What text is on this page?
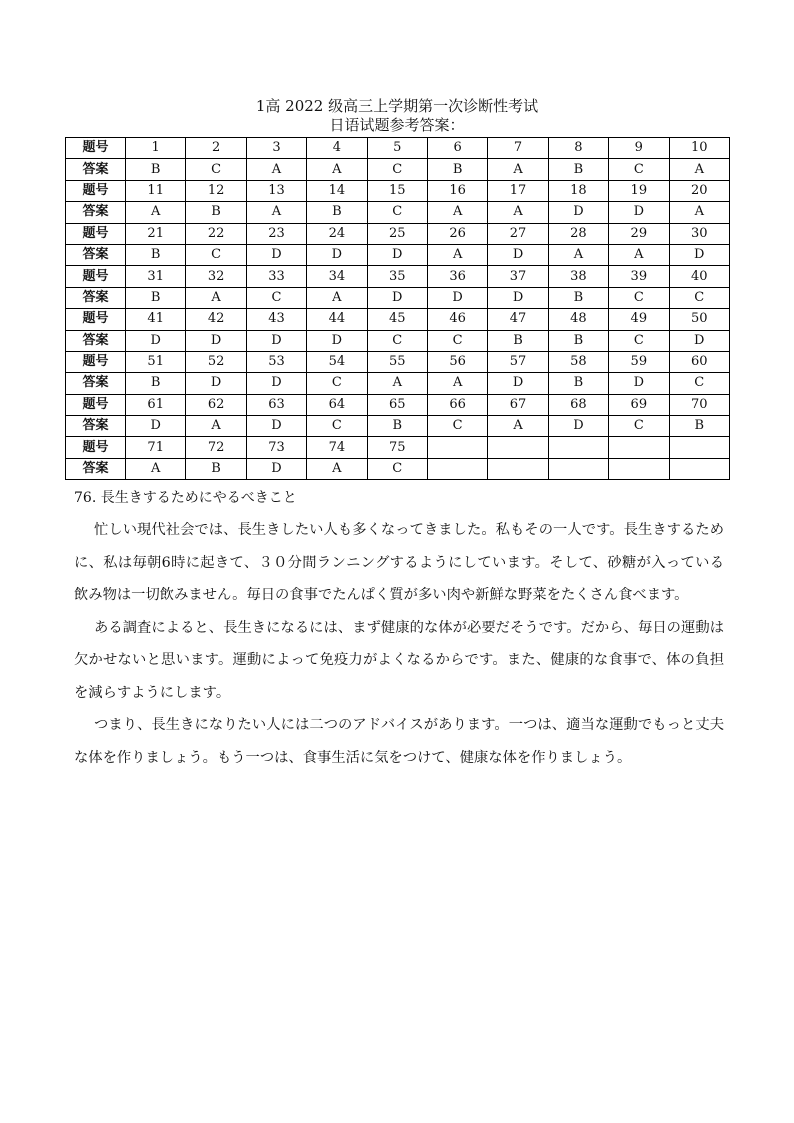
1高 2022 级高三上学期第一次诊断性考试
日语试题参考答案：
题号	1	2	3	4	5	6	7	8	9	10
答案	B	C	A	A	C	B	A	B	C	A
题号	11	12	13	14	15	16	17	18	19	20
答案	A	B	A	B	C	A	A	D	D	A
题号	21	22	23	24	25	26	27	28	29	30
答案	B	C	D	D	D	A	D	A	A	D
题号	31	32	33	34	35	36	37	38	39	40
答案	B	A	C	A	D	D	D	B	C	C
题号	41	42	43	44	45	46	47	48	49	50
答案	D	D	D	D	C	C	B	B	C	D
题号	51	52	53	54	55	56	57	58	59	60
答案	B	D	D	C	A	A	D	B	D	C
题号	61	62	63	64	65	66	67	68	69	70
答案	D	A	D	C	B	C	A	D	C	B
题号	71	72	73	74	75					
答案	A	B	D	A	C					
76. 長生きするためにやるべきこと

忙しい現代社会では、長生きしたい人も多くなってきました。私もその一人です。長生きするために、私は毎朝6時に起きて、３０分間ランニングするようにしています。そして、砂糖が入っている飲み物は一切飲みません。毎日の食事でたんぱく質が多い肉や新鮮な野菜をたくさん食べます。

ある調査によると、長生きになるには、まず健康的な体が必要だそうです。だから、毎日の運動は欠かせないと思います。運動によって免疫力がよくなるからです。また、健康的な食事で、体の負担を減らすようにします。

つまり、長生きになりたい人には二つのアドバイスがあります。一つは、適当な運動でもっと丈夫な体を作りましょう。もう一つは、食事生活に気をつけて、健康な体を作りましょう。
